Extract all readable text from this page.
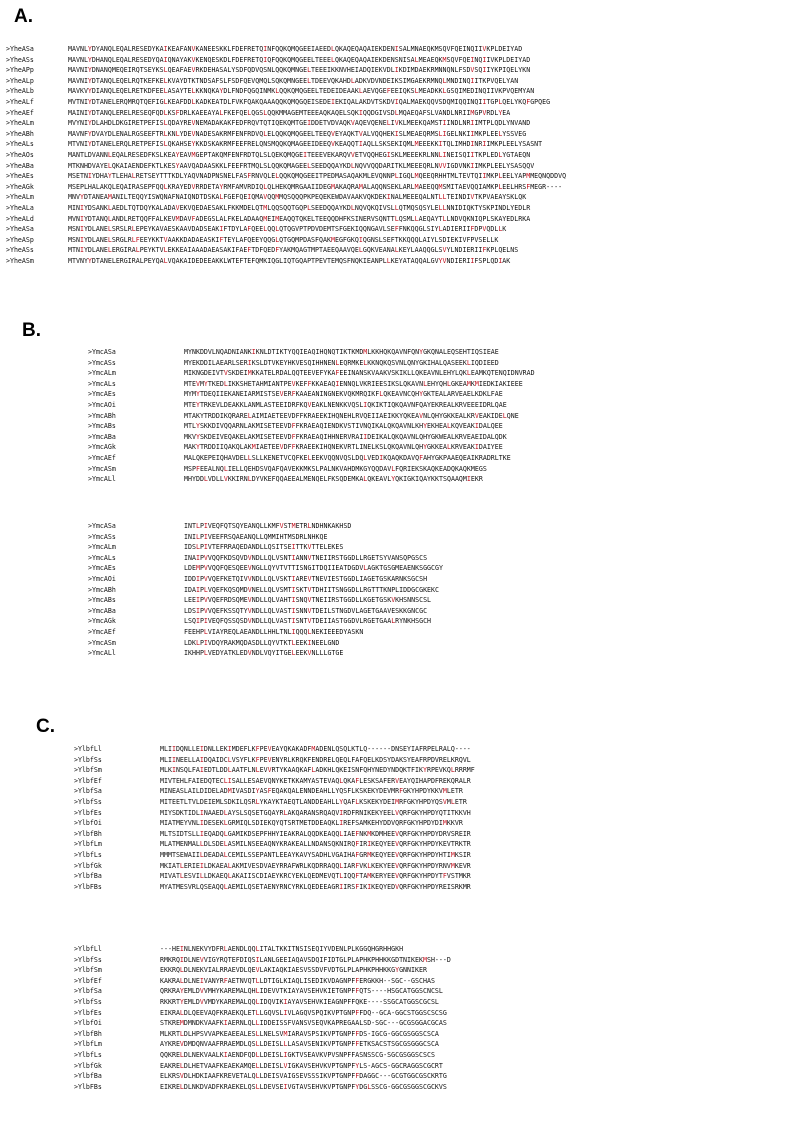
A.
>YheASa	MAVNLYDYANQLEQALRESEDYKAIKEAFANVKANEESKKLFDEFRETQINFQQKQMQGEEIAEEDLQKAQEQAQAIEKDENISALMNAEQKMSQVFQEINQIIVKPLDEIYAD
>YheASs	MAVNLYDHANQLEQALRESEDYQAIQNAYAKVKENQESKDLFDEFRETQIQFQQKQMQGEELTEEELQKAQEQAQAIEKDENSNISALMEAEQKMSQVFQEINQIIVKPLDEIYAD
>YheAPp	MAVNIYDNANQMEQEIRQTSEYKSLQEAFAEVRKDEHASALYSDFQDVQSNLQQKQMNGELTEEEIKKNVHEIADQIEKVDLIKDIMDAEKRMNNQNLFSDVSQIIYKPIQELYKN
>YheALp	MAVNIYDTANQLEQELRQTKEFKELKVAYDTKTNDSAFSLFSDFQEVQMQLSQKQMNGEELTDEEVQKAHDLADKVDVNDEIKSIMGAEKRMNQLMNDINQIITKPVQELYAN
>YheALb	MAVKVYDIANQLEQELRETKDFEELASAYTELKKNQKAYDLFNDFQGQINMKLQQKQMQGEELTEDEIDEAAKLAEVQGEFEEIQKSLMEADKKLGSQIMEDINQIIVKPVQEMYAN
>YheALf	MVTNIYDTANELERQMRQTQEFIGLKEAFDDLKADKEATDLFVKFQAKQAAAQQKQMQGQEISEDEIEKIQALAKDVTSKDVIQALMAEKQQVSDQMIQQINQIITGPLQELYKQFGPQEG
>YheAEf	MAINIYDTANQLERELRESEQFQDLKSFDRLKAEEAYALFKEFQELQGSLQQKMMAGEMTEEEAQKAQELSQKIQQDGIVSDLMQAEQAFSLVANDLNRIIMGPVRDLYEA
>YheALm	MVYNIYDLAHDLDKGIRETPEFISLQDAYREVNEMADAKAKFEDFRQVTQTIQEKQMTGEIDDETVDVAQKVAQEVQENELIVKLMEEKQAMSTIINDLNRIIMTPLQDLYNVAND
>YheABh	MAVNFYDVAYDLENALRGSEEFTRLKNLYDEVNADESAKRMFENFRDVQLELQQKQMQGEELTEEQVEYAQKTVALVQQHEKISLMEAEQRMSLIGELNKIIMKPLEELYSSVEG
>YheALs	MTVNIYDTANELERQLRETPEFISLQKAHSEYKKDSKAKRMFEEFRELQNSMQQKQMAGEEIDEEQVKEAQQTIAQLLSKSEKIQMLMEEEKKITQLIMHDINRIIMKPLEELYSASNT
>YheAOs	MANTLDVANNLEQALRESEDFKSLKEAYEAVMGEPTAKQMFENFRDTQLSLQEKQMQGEITEEEVEKARQVVETVQQHEGISKLMEEEKRLNNLINEISQIITKPLEDLYGTAEQN
>YheABa	MTKNHDVAYELQKAIAENDEFKTLKESYAAVQADAASKKLFEEFRTMQLSLQQKQMAGEELSEEDQQAYKDLNQVVQQDARITKLMEEEQRLNVVIGDVNKIIMKPLEELYSASQQV
>YheAEs	MSETNIYDHAYTLEHALRETSEYTTTKDLYAQVNADPNSNELFASFRNVQLELQQKQMQGEEITPEDMASAQAKMLEVQNNPLIGQLMQEEQRHHTMLTEVTQIIMKPLEELYAPMMEQNQDDVQ
>YheAGk	MSEPLHALAKQLEQAIRASEPFQQLKRAYEDVRRDETAYRMFAMVRDIQLQLHEKQMRGAAIIDEGMAKAQRAMALAQQNSEKLARLMAEEQQMSMITAEVQQIAMKPLEELHRSFMEGR----
>YheALm	MNVYDTANEAMANILTEQQYISWQNAFNAIQNDTDSKALFGEFQEIQMAVQQMMQSQQQPKPEQEKEWDAVAAKVQKDEKINALMEEEQALNTLLTEINDIVTKPVAEAYSKLQK
>YheALa	MINIYDSANKLAEDLTQTDQYKALADAVEKVQEDAESAKLFKKMDELQTMLQQSQQTGQPLSEEDQQAYKDLNQVQKQIVSLLQTMQSQSYLELLNNIDIQKTYSKPINDLYEDLR
>YheALd	MVNIYDTANQLANDLRETQQFFALKEVMDAVFADEGSLALFKELADAAQMEIMEAQQTQKELTEEQQDHFKSINERVSQNTTLQSMLLAEQAYTLLNDVQKNIQPLSKAYEDLRKA
>YheASa	MSNIYDLANELSRSLRLEPEYKAVAESKAAVDADSEAKIFTDYLAFQEELQQLQTQGVPTPDVDEMTSFGEKIQQNGAVLSEFFNKQQGLSIYLADIERIIFDPVQDLLK
>YheASp	MSNIYDLANELSRGLRLFEEYKKTVAAKKDADAEASKIFTEYLAFQEEYQQGLQTGQMPDASFQAKMEGFGKQIQGNSLSEFTKKQQQLAIYLSDIEKIVFPVSELLK
>YheASs	MTNIYDLANELERGIRALPEYKTVLEKKEAIAAADAEASAKIFAEFTDFQEDFYAKMQAGTMPTAEEQAAVQELGQKVEANALKEYLAAQQGLSVYLNDIERIIFKPLQELNS
>YheASm	MTVNYYDTANELERGIRALPEYQALVQAKAIDEDEEAKKLWTEFTEFQMKIQGLIQTGQAPTPEVTEMQSFNQKIEANPLLKEYATAQQALGVYVNDIERIIFSPLQDIAK
B.
>YmcASa	MYNKDDVLNQADNIANKIKNLDTIKTYQQIEAQIHQNQTIKTKMDMLKKHQKQAVNFQNYGKQNALEQSEHTIQSIEAE
>YmcASs	MYEKDDILAEARLSERIKSLDTVKEYHKVESQIHHNENLEQRMKELKKNQKQSVNLQNYGKIHALQASEEKLIQDIEED
>YmcALm	MIKNGDEIVTVSKDEIMKKATELRDALQQTEEVEFYKAFEEINANSKVAAKVSKIKLLQKEAVNLEHYLQKLEAMKQTENQIDNVRAD
>YmcALs	MTEVMYTKEDLIKKSHETAHMIANTPEVKEFFKKAEAQIENNQLVKRIEESIKSLQKAVNLEHYQHLGKEAMKMIEDKIAKIEEE
>YmcAEs	MYMYTDEQIIEKANEIARMISTSEVERFKAAEANINGNEKVQKMRQIKFLQKEAVNCQHYGKTEALARVEAELKDKLFAE
>YmcAOi	MTEYTRKEVLDEAKKLANMLASTEEIDRFKQVEAKLNENKKVQSLIQKIKTIQKQAVNFQAYEKREALKRVEEEIDRLQAE
>YmcABh	MTAKYTRDDIKQRARELAIMIAETEEVDFFKRAEEKIHQNEHLRVQEIIAEIKKYQKEAVNLQHYGKKEALKRVEAKIDELQNE
>YmcABs	MTLYSKKDIVQQARNLAKMISETEEVDFFKRAEAQIENDKVSTIVNQIKALQKQAVNLKHYEKHEALKQVEAKIDALQEE
>YmcABa	MKVYSKDEIVEQAKELAKMISETEEVDFFKRAEAQIHHNERVRAIIDEIKALQKQAVNLQHYGKWEALKRVEAEIDALQDK
>YmcAGk	MAKYTRDDIIQAKQLAKMIAETEEVDFFKRAEEKIHQNEKVRTLINELKSLQKQAVNLQHYGKKEALKRVEAKIDAIYEE
>YmcAEf	MALQKEPEIQHAVDELLSLLKENETVCQFKELEEKVQQNVQSLDQLVEDIKQAQKDAVQFAHYGKPAAEQEAIKRADRLTKE
>YmcASm	MSPFEEALNQLIELLQEHDSVQAFQAVEKKMKSLPALNKVAHDMKGYQQDAVLFQRIEKSKAQKEADQKAQKMEGS
>YmcALl	MHYDDLVDLLVKKIRNLDYVKEFQQAEEALMENQELFKSQDEMKALQKEAVLYQKIGKIQAYKKTSQAAQMIEKR
>YmcASa	INTLPIVEQFQTSQYEANQLLKMFVSTMETRLNDHNKAKHSD
>YmcASs	INILPIVEEFRSQAEANQLLQMMIHTMSDRLNHKQE
>YmcALm	IDSLPIVTEFRRAQEDANDLLQSITSEITTKVTTELEKES
>YmcALs	INAIPVVQQFKDSQVDVNDLLQLVSNTIANNVTNEIIRSTGGDLLRGETSYVANSQPGSCS
>YmcAEs	LDEMPVVQQFQESQEEVNGLLQYVTVTTISNGITDQIIEATDGDVLAGKTGSGMEAENKSGGCGY
>YmcAOi	IDDIPVVQEFKETQIVVNDLLQLVSKTIAREVTNEVIESTGGDLIAGETGSKARNKSGCSH
>YmcABh	IDAIPLVQEFKQSQMDVNELLQLVSMTISKTVTDHIITSNGGDLLRGTTTKNPLIDDGCGKEKC
>YmcABs	LEEIPVVQEFRDSQMEVNDLLQLVAHTISNQVTNEIIRSTGGDLLKGETGSKVKHSNNSCSL
>YmcABa	LDSIPVVQEFKSSQTYVNDLLQLVASTISNNVTDEILSTNGDVLAGETGAAVESKKGNCGC
>YmcAGk	LSQIPIVEQFQSSQSDVNDLLQLVASTISNTVTDEIIASTGGDVLRGETGAALRYNKHSGCH
>YmcAEf	FEEHPLVIAYREQLAEANDLLHHLTNLIQQQLNEKIEEEDYASKN
>YmcASm	LDKLPIVDQYRAKMQDASDLLQYVTKTLEEKINEELGND
>YmcALl	IKHHPLVEDYATKLEDVNDLVQYITGELEEKVNLLLGTGE
C.
>YlbfLl	MLIIDQNLLEIDNLLEKIMDEFLKFPEVEAYQKAKADFMADENLQSQLKTLQ------DNSEYIAFRPELRALQ----
>YlbfSs	MLIINEELLAIDQAIDCLVSYFLKFPEVENYRLKRQKFENDRELQEQLFAFQELKDSYDAKSYEAFRPDVRELKRQVL
>YlbfSm	MLKINSQLFAIEDTLDDLAATFLNLEVVRTYKAAQKAFLADKHLQKEISNFQHYNEDYNDQKTFIKYRPEVKQLRRRMF
>YlbfEf	MIVTEHLFAIEDQTECLISALLESAEVQNYKETKKAMYASTEVAQLQKAFLESKSAFERVEAYQIHAPDFREKQRALR
>YlbfSa	MINEASLAILDIDELADMIVASDIYASFEQAKQALENNDEAHLLYQSFLKSKEKYDEVMRFGKYHPDYKKVMLETR
>YlbfSs	MITEETLTVLDEIEMLSDKILQSRLYKAYKTAEQTLANDDEAHLLYQAFLKSKEKYDEIMRFGKYHPDYQSVMLETR
>YlbfEs	MIYSDKTIDLINAAEDLAYSLSQSETGQAYRLAKQARANSRQAQVIRDFRNIKEKYEELVQRFGKYHPDYQTITKKVH
>YlbfOi	MIATMEYVNLIDESEKLGRMIQLSDIEKQYQTSRTMETDDEAQKLIREFSAMKEHYDDVQRFGKYHPDYDIMKKVR
>YlbfBh	MLTSIDTSLLIEQADQLGAMIKDSEPFHHYIEAKRALQQDKEAQQLIAEFNKMKDMHEEVQRFGKYHPDYDRVSREIR
>YlbfLm	MLATMENMALLDLSDELASMILNSEEAQNYKRAKEALLNDANSQKNIRQFIRIKEQYEEVQRFGKYHPDYKEVTRKTR
>YlbfLs	MMMTSEWAIILDEADALCEMILSSEPANTLEEAYKAVYSADHLVGAIHAFGRMKEQYEEVQRFGKYHPDYHTIMKSIR
>YlbfGk	MKIATLERIEILDKAEALAKMIVESDVAEYRRAFWRLKQDRRAQQLIARFVKLKEKYEEVQRFGKYHPDYRNVMKEVR
>YlbfBa	MIVATLESVILLDKAEQLAKAIISCDIAEYKRCYEKLQEDMEVQTLIQQFTAMKERYEEVQRFGKYHPDYTFVSTMKR
>YlbFBs	MYATMESVRLQSEAQQLAEMILQSETAENYRNCYRKLQEDEEAGRIIRSFIKIKEQYEDVQRFGKYHPDYREISRKMR
>YlbfLl	---HEINLNEKVYDFRLAENDLQQLITALTKKITNSISEQIYVDENLPLKGGQHGRHHGKH
>YlbfSs	RMKRQIDLNEVVIGYRQTEFDIQSILANLGEEIAQAVSDQIFIDTGLPLAPHKPHHKKGDTNIKEKMSH---D
>YlbfSm	EKKRQLDLNEKVIALRRAEVDLQEVLAKIAQKIAESVSSDVFVDTGLPLAPHKPHHKKGYGNNIKER
>YlbfEf	KAKRALDLNEIVANYRFAETNVQTLLDTIGLKIAQLISEDIKVDAGNPFFERGKKH--SGC--GSCHAS
>YlbfSa	QRKRAYEMLDVVMHYKAREMALQHLIDEVVTKIAYAVSEHVKIETGNPFFQTS----HSGCATGGSCNCSL
>YlbfSs	RKKRTYEMLDVVMDYKAREMALQQLIDQVIKIAYAVSEHVKIEAGNPFFQKE----SSGCATGGSCGCSL
>YlbfEs	EIKRALDLQEEVAQFKRAEKQLETLLGQVSLIVLAGQVSPQIKVPTGNPFFDQ--GCA-GGCSTGGSCSCSG
>YlbfOi	STKREMDMNDKVAAFKIAERNLQLLIDDEISSFVANSVSEQVKAPREGAALSD-SGC---GCGSGGACGCAS
>YlbfBh	MLKRTLDLHPSVVAPKEAEEALESLLNELSVMIARAVSPSIKVPTGNPFFDS-IGCG-GGCGSGGSCSCA
>YlbfLm	AYKREVDMDQNVAAFRRAEMDLQSLLDEISLLLASAVSENIKVPTGNPFFETKSACSTSGCGSGGGCSCA
>YlbfLs	QQKRELDLNEKVAALKIAENDFQDLLDEISLIGKTVSEAVKVPVSNPFFASNSSCG-SGCGSGGSCSCS
>YlbfGk	EAKRELDLHETVAAFKEAEKAMQELLDEISLVIGKAVSEHVKVPTGNPFYLS-AGCS-GGCRAGGSCGCRT
>YlbfBa	ELKRSVDLHDKIAAFKREVETALQLLDEISVAIGSEVSSSIKVPTGNPFFDAGGC---GCGTGGCGSCKRTG
>YlbFBs	EIKRELDLNKDVADFKRAEKELQSLLDEVSEIVGTAVSEHVKVPTGNPFYDGLSSCG-GGCGSGGSCGCKVS
